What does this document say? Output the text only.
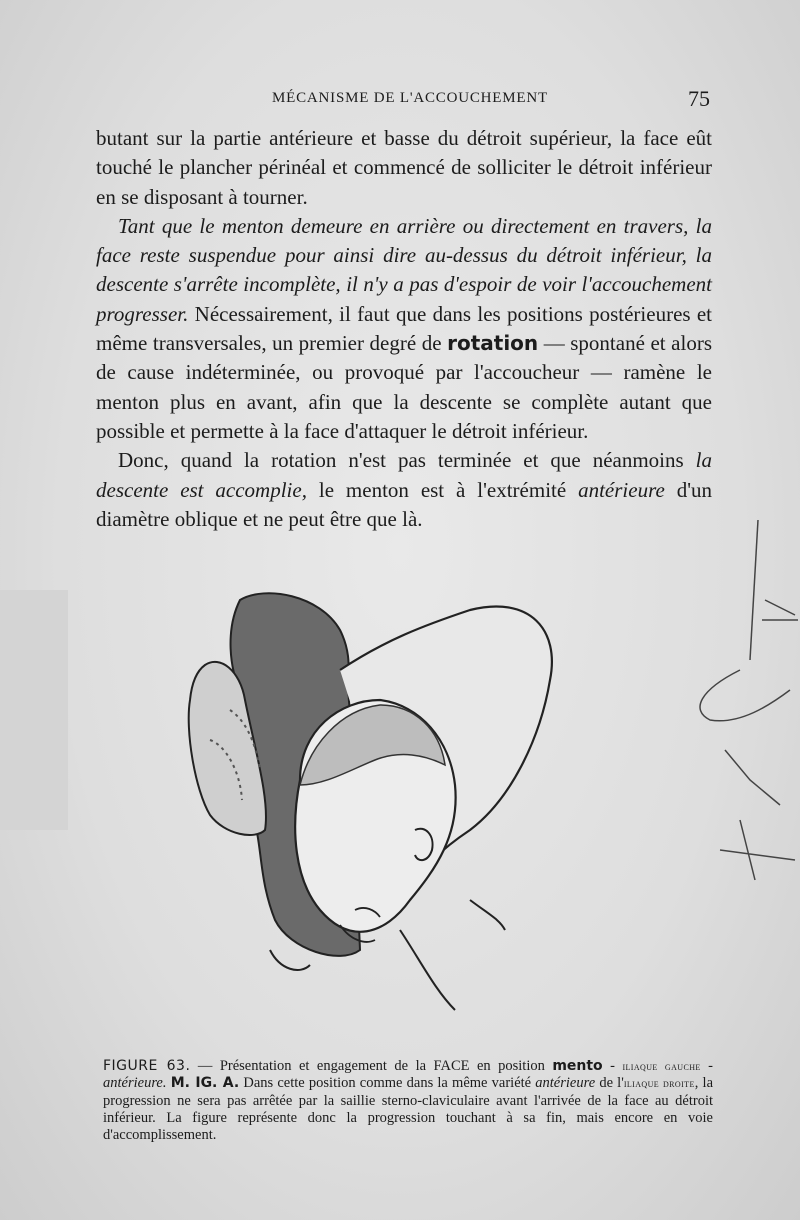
MÉCANISME DE L'ACCOUCHEMENT	75

butant sur la partie antérieure et basse du détroit supérieur, la face eût touché le plancher périnéal et commencé de solliciter le détroit inférieur en se disposant à tourner.

Tant que le menton demeure en arrière ou directement en travers, la face reste suspendue pour ainsi dire au-dessus du détroit inférieur, la descente s'arrête incomplète, il n'y a pas d'espoir de voir l'accouchement progresser. Nécessairement, il faut que dans les positions postérieures et même transversales, un premier degré de rotation — spontané et alors de cause indéterminée, ou provoqué par l'accoucheur — ramène le menton plus en avant, afin que la descente se complète autant que possible et permette à la face d'attaquer le détroit inférieur.

Donc, quand la rotation n'est pas terminée et que néanmoins la descente est accomplie, le menton est à l'extrémité antérieure d'un diamètre oblique et ne peut être que là.

FIGURE 63. — Présentation et engagement de la FACE en position mento - iliaque gauche - antérieure. M. IG. A. Dans cette position comme dans la même variété antérieure de l'iliaque droite, la progression ne sera pas arrêtée par la saillie sterno-claviculaire avant l'arrivée de la face au détroit inférieur. La figure représente donc la progression touchant à sa fin, mais encore en voie d'accomplissement.
